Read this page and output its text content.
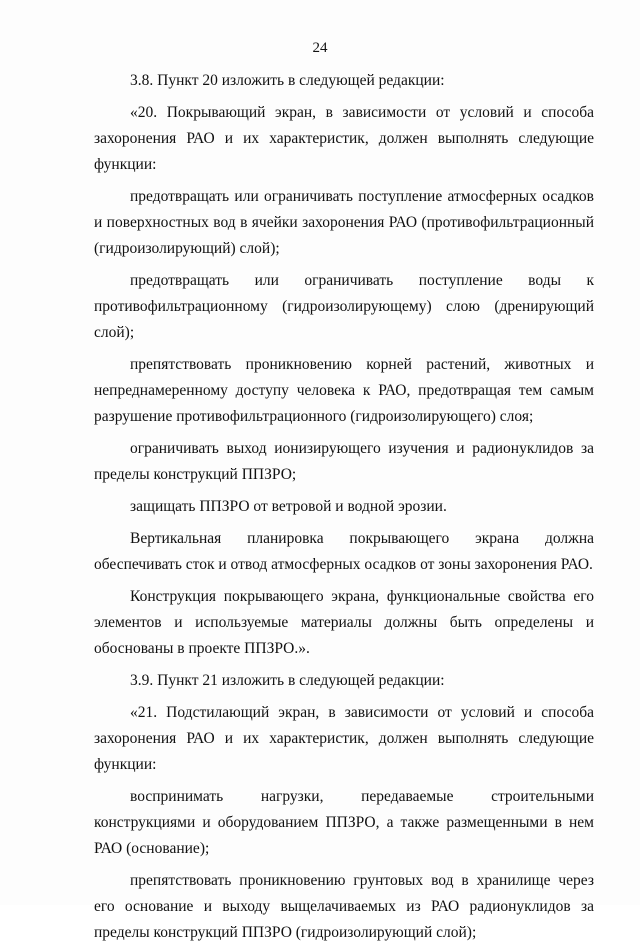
24

3.8. Пункт 20 изложить в следующей редакции:

«20. Покрывающий экран, в зависимости от условий и способа захоронения РАО и их характеристик, должен выполнять следующие функции:

предотвращать или ограничивать поступление атмосферных осадков и поверхностных вод в ячейки захоронения РАО (противофильтрационный (гидроизолирующий) слой);

предотвращать или ограничивать поступление воды к противофильтрационному (гидроизолирующему) слою (дренирующий слой);

препятствовать проникновению корней растений, животных и непреднамеренному доступу человека к РАО, предотвращая тем самым разрушение противофильтрационного (гидроизолирующего) слоя;

ограничивать выход ионизирующего изучения и радионуклидов за пределы конструкций ППЗРО;

защищать ППЗРО от ветровой и водной эрозии.

Вертикальная планировка покрывающего экрана должна обеспечивать сток и отвод атмосферных осадков от зоны захоронения РАО.

Конструкция покрывающего экрана, функциональные свойства его элементов и используемые материалы должны быть определены и обоснованы в проекте ППЗРО.».

3.9. Пункт 21 изложить в следующей редакции:

«21. Подстилающий экран, в зависимости от условий и способа захоронения РАО и их характеристик, должен выполнять следующие функции:

воспринимать нагрузки, передаваемые строительными конструкциями и оборудованием ППЗРО, а также размещенными в нем РАО (основание);

препятствовать проникновению грунтовых вод в хранилище через его основание и выходу выщелачиваемых из РАО радионуклидов за пределы конструкций ППЗРО (гидроизолирующий слой);
